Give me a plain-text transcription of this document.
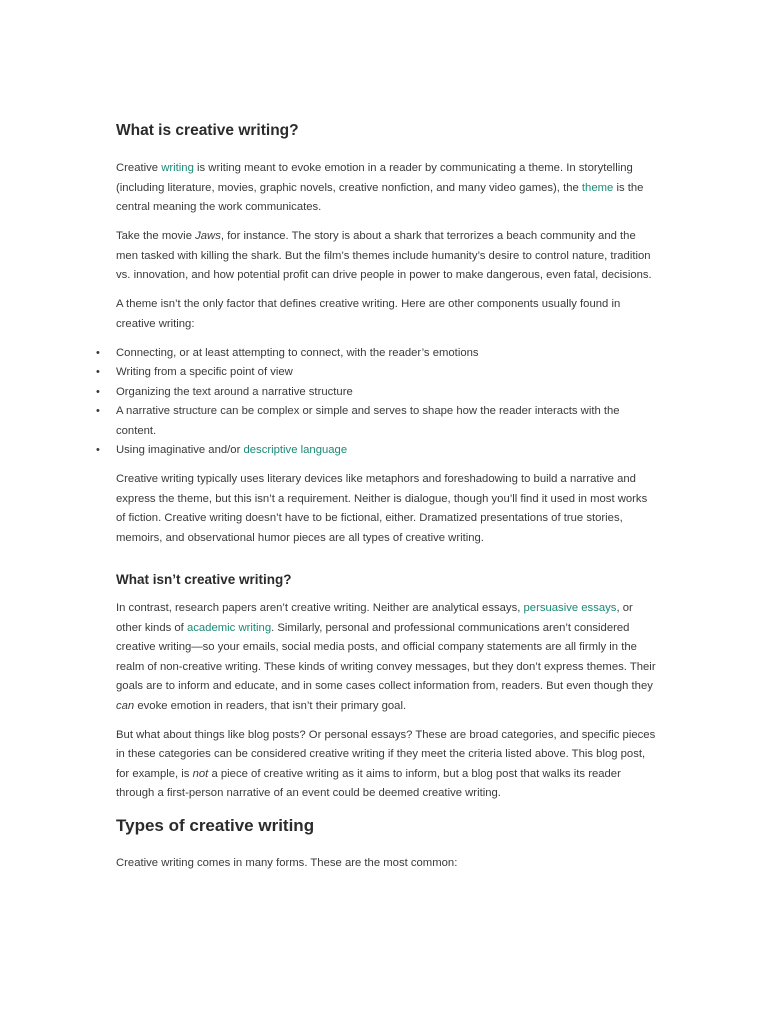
What is creative writing?

Creative writing is writing meant to evoke emotion in a reader by communicating a theme. In storytelling (including literature, movies, graphic novels, creative nonfiction, and many video games), the theme is the central meaning the work communicates.

Take the movie Jaws, for instance. The story is about a shark that terrorizes a beach community and the men tasked with killing the shark. But the film’s themes include humanity’s desire to control nature, tradition vs. innovation, and how potential profit can drive people in power to make dangerous, even fatal, decisions.

A theme isn’t the only factor that defines creative writing. Here are other components usually found in creative writing:

•	Connecting, or at least attempting to connect, with the reader’s emotions
•	Writing from a specific point of view
•	Organizing the text around a narrative structure
•	A narrative structure can be complex or simple and serves to shape how the reader interacts with the content.
•	Using imaginative and/or descriptive language

Creative writing typically uses literary devices like metaphors and foreshadowing to build a narrative and express the theme, but this isn’t a requirement. Neither is dialogue, though you’ll find it used in most works of fiction. Creative writing doesn’t have to be fictional, either. Dramatized presentations of true stories, memoirs, and observational humor pieces are all types of creative writing.

What isn’t creative writing?

In contrast, research papers aren’t creative writing. Neither are analytical essays, persuasive essays, or other kinds of academic writing. Similarly, personal and professional communications aren’t considered creative writing—so your emails, social media posts, and official company statements are all firmly in the realm of non-creative writing. These kinds of writing convey messages, but they don’t express themes. Their goals are to inform and educate, and in some cases collect information from, readers. But even though they can evoke emotion in readers, that isn’t their primary goal.

But what about things like blog posts? Or personal essays? These are broad categories, and specific pieces in these categories can be considered creative writing if they meet the criteria listed above. This blog post, for example, is not a piece of creative writing as it aims to inform, but a blog post that walks its reader through a first-person narrative of an event could be deemed creative writing.

Types of creative writing

Creative writing comes in many forms. These are the most common:
